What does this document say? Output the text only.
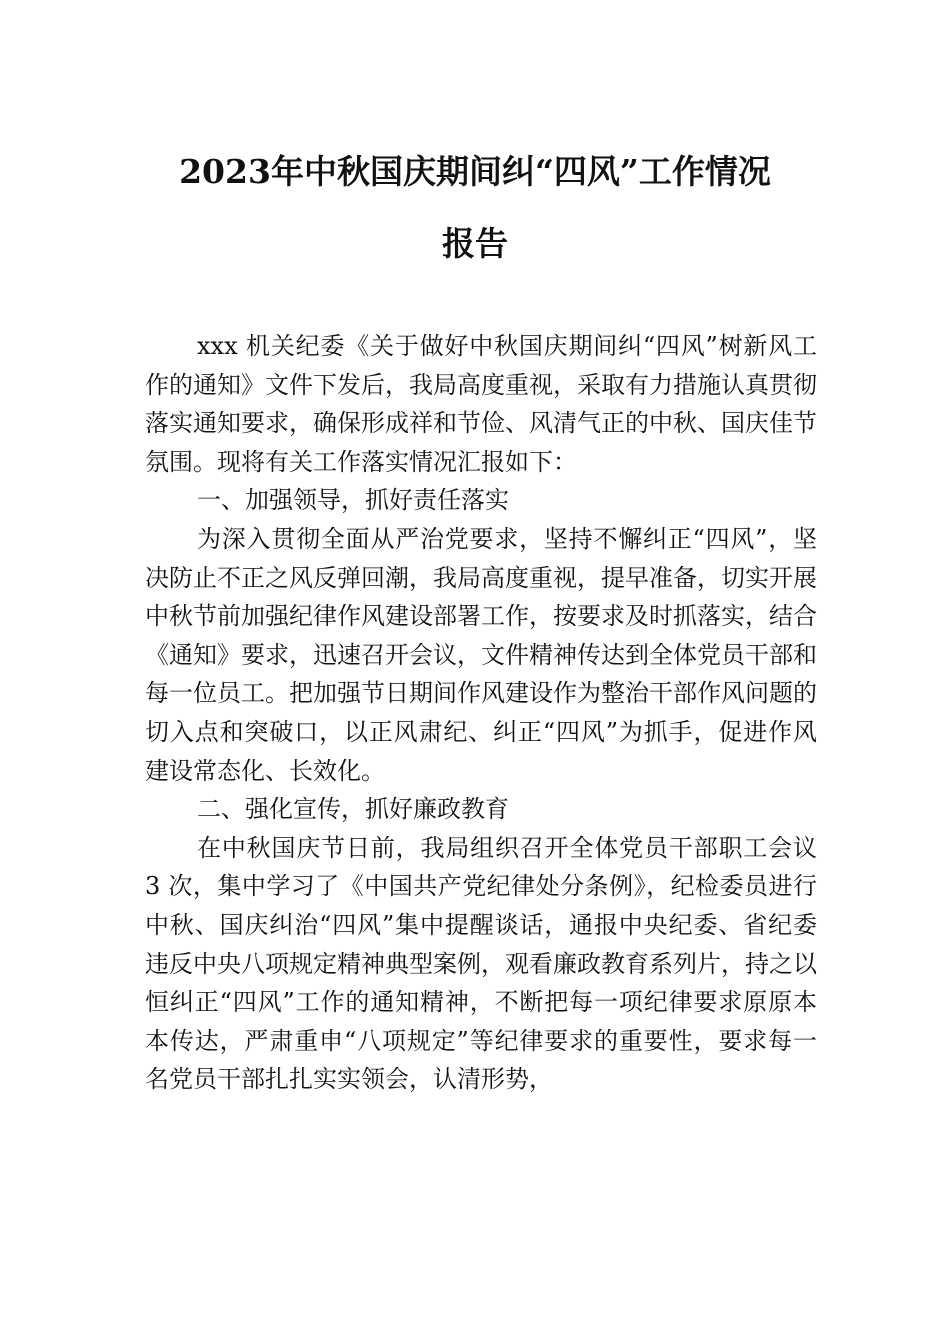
2023年中秋国庆期间纠“四风”工作情况
报告

xxx 机关纪委《关于做好中秋国庆期间纠“四风”树新风工作的通知》文件下发后，我局高度重视，采取有力措施认真贯彻落实通知要求，确保形成祥和节俭、风清气正的中秋、国庆佳节氛围。现将有关工作落实情况汇报如下：

一、加强领导，抓好责任落实

为深入贯彻全面从严治党要求，坚持不懈纠正“四风”，坚决防止不正之风反弹回潮，我局高度重视，提早准备，切实开展中秋节前加强纪律作风建设部署工作，按要求及时抓落实，结合《通知》要求，迅速召开会议，文件精神传达到全体党员干部和每一位员工。把加强节日期间作风建设作为整治干部作风问题的切入点和突破口，以正风肃纪、纠正“四风”为抓手，促进作风建设常态化、长效化。

二、强化宣传，抓好廉政教育

在中秋国庆节日前，我局组织召开全体党员干部职工会议 3 次，集中学习了《中国共产党纪律处分条例》，纪检委员进行中秋、国庆纠治“四风”集中提醒谈话，通报中央纪委、省纪委违反中央八项规定精神典型案例，观看廉政教育系列片，持之以恒纠正“四风”工作的通知精神，不断把每一项纪律要求原原本本传达，严肃重申“八项规定”等纪律要求的重要性，要求每一名党员干部扎扎实实领会，认清形势，
